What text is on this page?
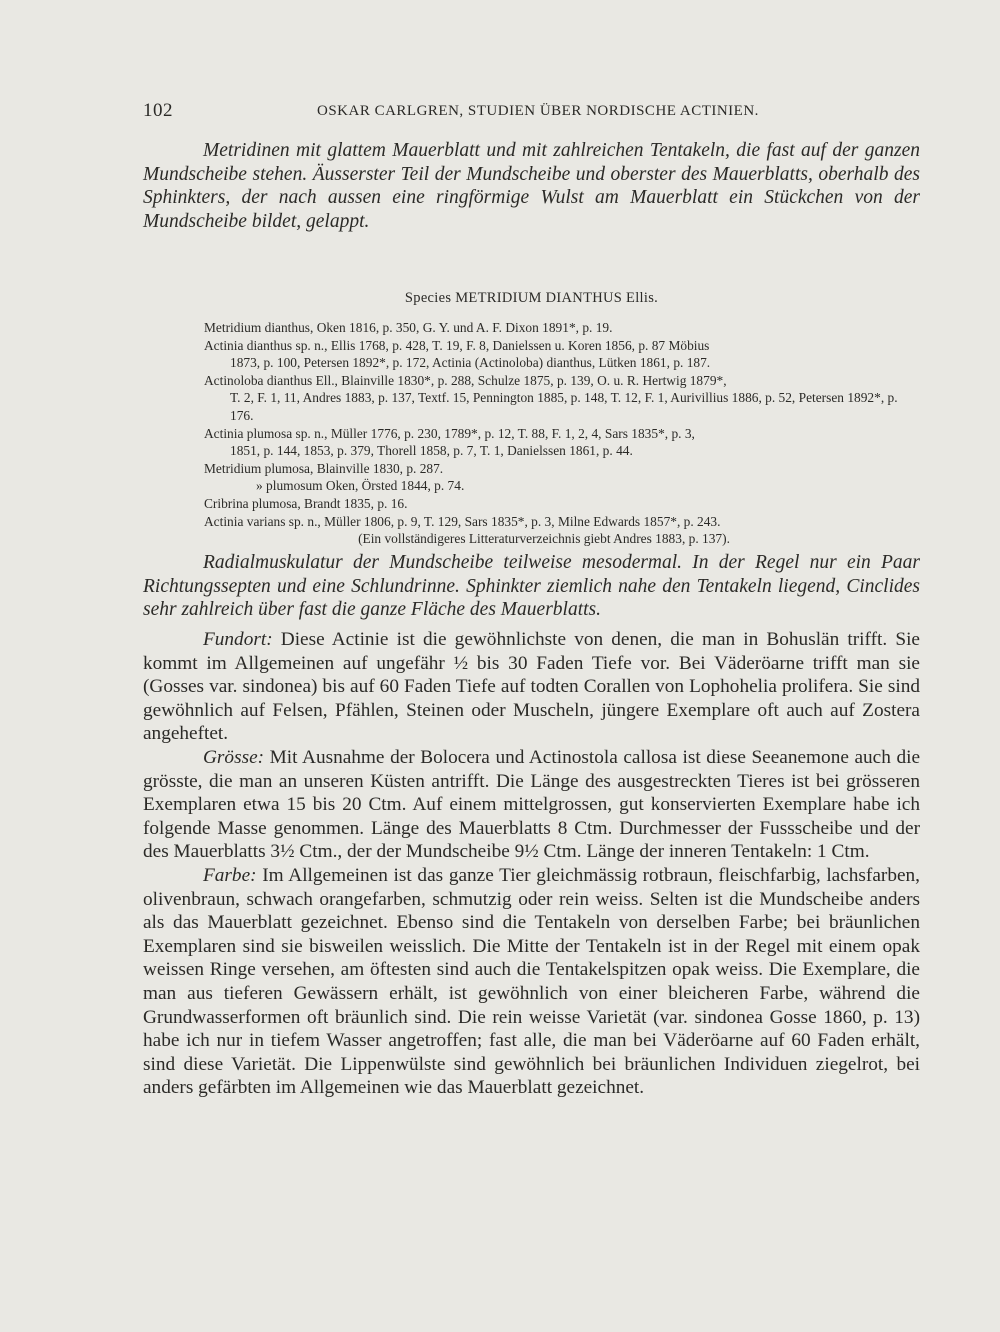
102	OSKAR CARLGREN, STUDIEN ÜBER NORDISCHE ACTINIEN.
Metridinen mit glattem Mauerblatt und mit zahlreichen Tentakeln, die fast auf der ganzen Mundscheibe stehen. Äusserster Teil der Mundscheibe und oberster des Mauerblatts, oberhalb des Sphinkters, der nach aussen eine ringförmige Wulst am Mauerblatt ein Stückchen von der Mundscheibe bildet, gelappt.
Species METRIDIUM DIANTHUS Ellis.
Metridium dianthus, Oken 1816, p. 350, G. Y. und A. F. Dixon 1891*, p. 19.
Actinia dianthus sp. n., Ellis 1768, p. 428, T. 19, F. 8, Danielssen u. Koren 1856, p. 87 Möbius
1873, p. 100, Petersen 1892*, p. 172, Actinia (Actinoloba) dianthus, Lütken 1861, p. 187.
Actinoloba dianthus Ell., Blainville 1830*, p. 288, Schulze 1875, p. 139, O. u. R. Hertwig 1879*,
T. 2, F. 1, 11, Andres 1883, p. 137, Textf. 15, Pennington 1885, p. 148, T. 12, F. 1, Aurivillius 1886, p. 52, Petersen 1892*, p. 176.
Actinia plumosa sp. n., Müller 1776, p. 230, 1789*, p. 12, T. 88, F. 1, 2, 4, Sars 1835*, p. 3,
1851, p. 144, 1853, p. 379, Thorell 1858, p. 7, T. 1, Danielssen 1861, p. 44.
Metridium plumosa, Blainville 1830, p. 287.
» plumosum Oken, Örsted 1844, p. 74.
Cribrina plumosa, Brandt 1835, p. 16.
Actinia varians sp. n., Müller 1806, p. 9, T. 129, Sars 1835*, p. 3, Milne Edwards 1857*, p. 243.
(Ein vollständigeres Litteraturverzeichnis giebt Andres 1883, p. 137).
Radialmuskulatur der Mundscheibe teilweise mesodermal. In der Regel nur ein Paar Richtungssepten und eine Schlundrinne. Sphinkter ziemlich nahe den Tentakeln liegend, Cinclides sehr zahlreich über fast die ganze Fläche des Mauerblatts.

Fundort: Diese Actinie ist die gewöhnlichste von denen, die man in Bohuslän trifft. Sie kommt im Allgemeinen auf ungefähr ½ bis 30 Faden Tiefe vor. Bei Väderöarne trifft man sie (Gosses var. sindonea) bis auf 60 Faden Tiefe auf todten Corallen von Lophohelia prolifera. Sie sind gewöhnlich auf Felsen, Pfählen, Steinen oder Muscheln, jüngere Exemplare oft auch auf Zostera angeheftet.

Grösse: Mit Ausnahme der Bolocera und Actinostola callosa ist diese Seeanemone auch die grösste, die man an unseren Küsten antrifft. Die Länge des ausgestreckten Tieres ist bei grösseren Exemplaren etwa 15 bis 20 Ctm. Auf einem mittelgrossen, gut konservierten Exemplare habe ich folgende Masse genommen. Länge des Mauerblatts 8 Ctm. Durchmesser der Fussscheibe und der des Mauerblatts 3½ Ctm., der der Mundscheibe 9½ Ctm. Länge der inneren Tentakeln: 1 Ctm.

Farbe: Im Allgemeinen ist das ganze Tier gleichmässig rotbraun, fleischfarbig, lachsfarben, olivenbraun, schwach orangefarben, schmutzig oder rein weiss. Selten ist die Mundscheibe anders als das Mauerblatt gezeichnet. Ebenso sind die Tentakeln von derselben Farbe; bei bräunlichen Exemplaren sind sie bisweilen weisslich. Die Mitte der Tentakeln ist in der Regel mit einem opak weissen Ringe versehen, am öftesten sind auch die Tentakelspitzen opak weiss. Die Exemplare, die man aus tieferen Gewässern erhält, ist gewöhnlich von einer bleicheren Farbe, während die Grundwasserformen oft bräunlich sind. Die rein weisse Varietät (var. sindonea Gosse 1860, p. 13) habe ich nur in tiefem Wasser angetroffen; fast alle, die man bei Väderöarne auf 60 Faden erhält, sind diese Varietät. Die Lippenwülste sind gewöhnlich bei bräunlichen Individuen ziegelrot, bei anders gefärbten im Allgemeinen wie das Mauerblatt gezeichnet.
